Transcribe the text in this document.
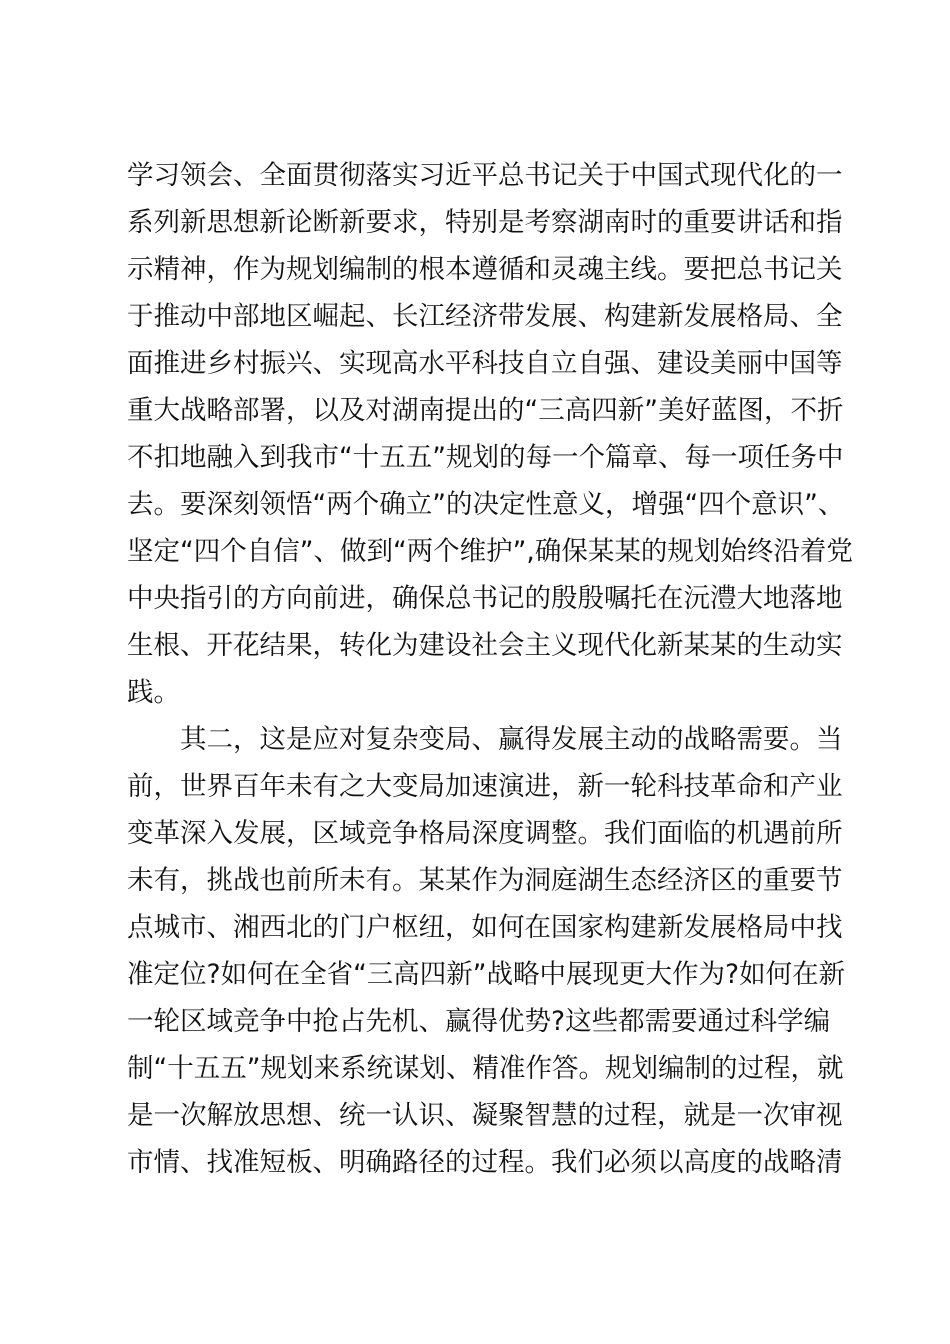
学习领会、全面贯彻落实习近平总书记关于中国式现代化的一
系列新思想新论断新要求，特别是考察湖南时的重要讲话和指
示精神，作为规划编制的根本遵循和灵魂主线。要把总书记关
于推动中部地区崛起、长江经济带发展、构建新发展格局、全
面推进乡村振兴、实现高水平科技自立自强、建设美丽中国等
重大战略部署，以及对湖南提出的“三高四新”美好蓝图，不折
不扣地融入到我市“十五五”规划的每一个篇章、每一项任务中
去。要深刻领悟“两个确立”的决定性意义，增强“四个意识”、
坚定“四个自信”、做到“两个维护”,确保某某的规划始终沿着党
中央指引的方向前进，确保总书记的殷殷嘱托在沅澧大地落地
生根、开花结果，转化为建设社会主义现代化新某某的生动实
践。
其二，这是应对复杂变局、赢得发展主动的战略需要。当
前，世界百年未有之大变局加速演进，新一轮科技革命和产业
变革深入发展，区域竞争格局深度调整。我们面临的机遇前所
未有，挑战也前所未有。某某作为洞庭湖生态经济区的重要节
点城市、湘西北的门户枢纽，如何在国家构建新发展格局中找
准定位?如何在全省“三高四新”战略中展现更大作为?如何在新
一轮区域竞争中抢占先机、赢得优势?这些都需要通过科学编
制“十五五”规划来系统谋划、精准作答。规划编制的过程，就
是一次解放思想、统一认识、凝聚智慧的过程，就是一次审视
市情、找准短板、明确路径的过程。我们必须以高度的战略清
